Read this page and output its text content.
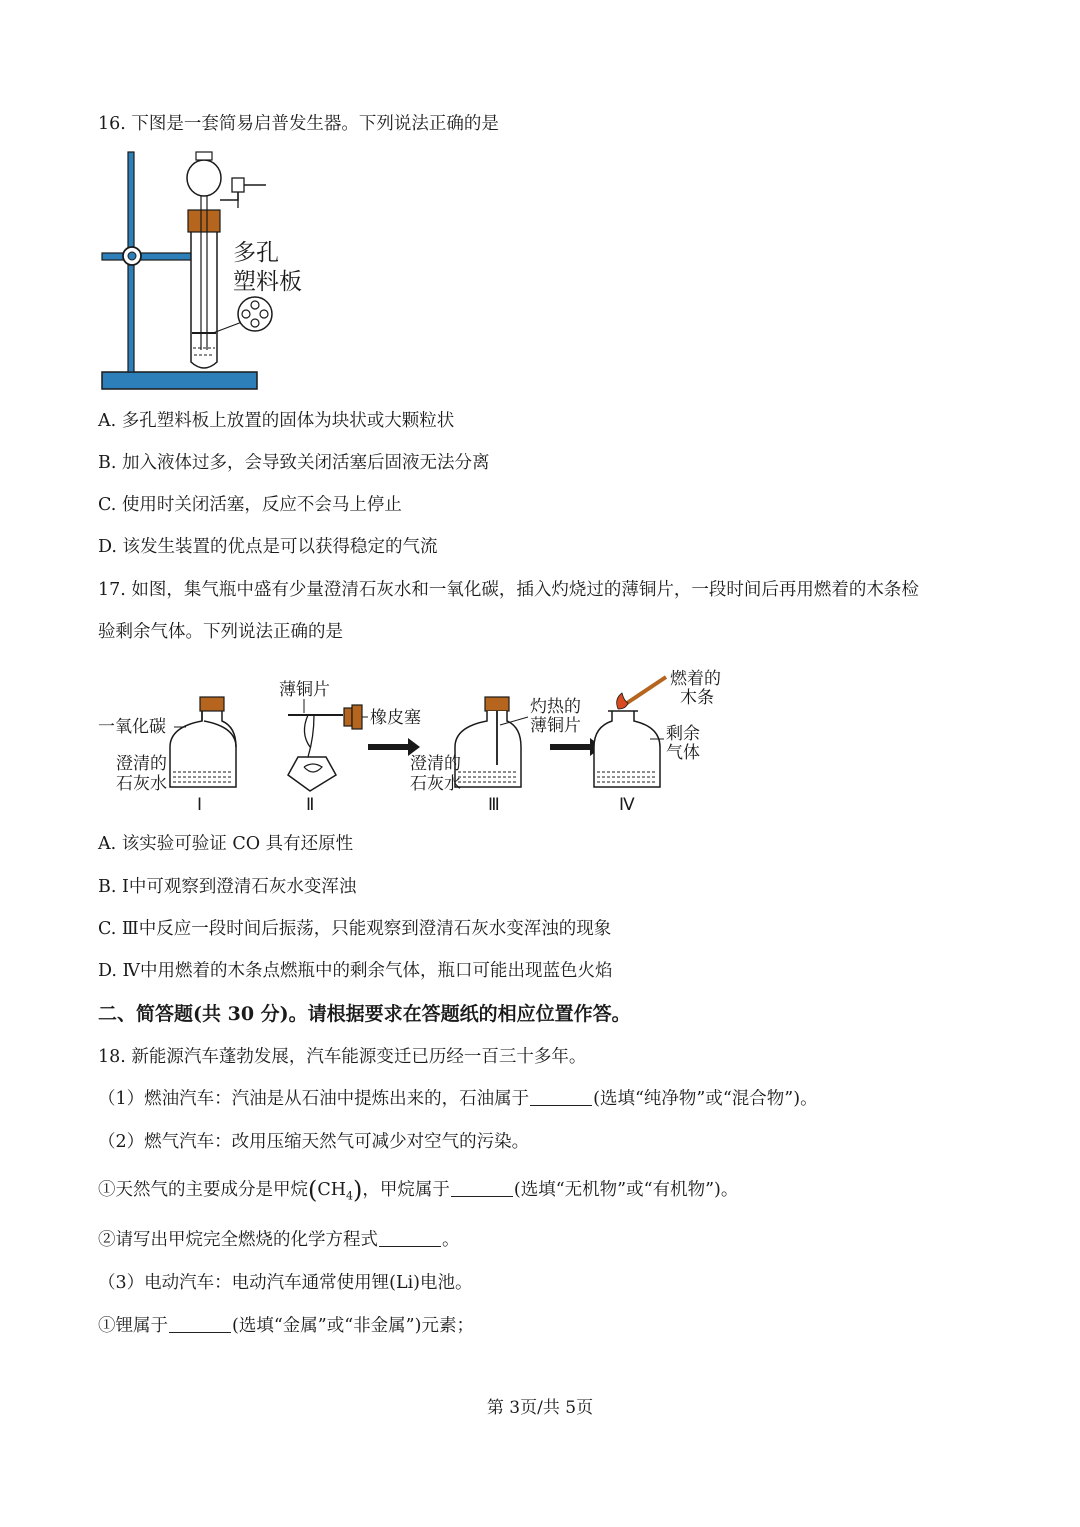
16. 下图是一套简易启普发生器。下列说法正确的是
多孔
塑料板
A. 多孔塑料板上放置的固体为块状或大颗粒状
B. 加入液体过多，会导致关闭活塞后固液无法分离
C. 使用时关闭活塞，反应不会马上停止
D. 该发生装置的优点是可以获得稳定的气流
17. 如图，集气瓶中盛有少量澄清石灰水和一氧化碳，插入灼烧过的薄铜片，一段时间后再用燃着的木条检
验剩余气体。下列说法正确的是
一氧化碳
澄清的
石灰水
Ⅰ
薄铜片
橡皮塞
Ⅱ
澄清的
石灰水
灼热的
薄铜片
Ⅲ
燃着的
木条
剩余
气体
Ⅳ
A. 该实验可验证 CO 具有还原性
B. Ⅰ中可观察到澄清石灰水变浑浊
C. Ⅲ中反应一段时间后振荡，只能观察到澄清石灰水变浑浊的现象
D. Ⅳ中用燃着的木条点燃瓶中的剩余气体，瓶口可能出现蓝色火焰
二、简答题(共 30 分)。请根据要求在答题纸的相应位置作答。
18. 新能源汽车蓬勃发展，汽车能源变迁已历经一百三十多年。
（1）燃油汽车：汽油是从石油中提炼出来的，石油属于	(选填“纯净物”或“混合物”)。
（2）燃气汽车：改用压缩天然气可减少对空气的污染。
①天然气的主要成分是甲烷$(CH_4)$，甲烷属于	(选填“无机物”或“有机物”)。
②请写出甲烷完全燃烧的化学方程式	。
（3）电动汽车：电动汽车通常使用锂(Li)电池。
①锂属于	(选填“金属”或“非金属”)元素；
第 3页/共 5页
